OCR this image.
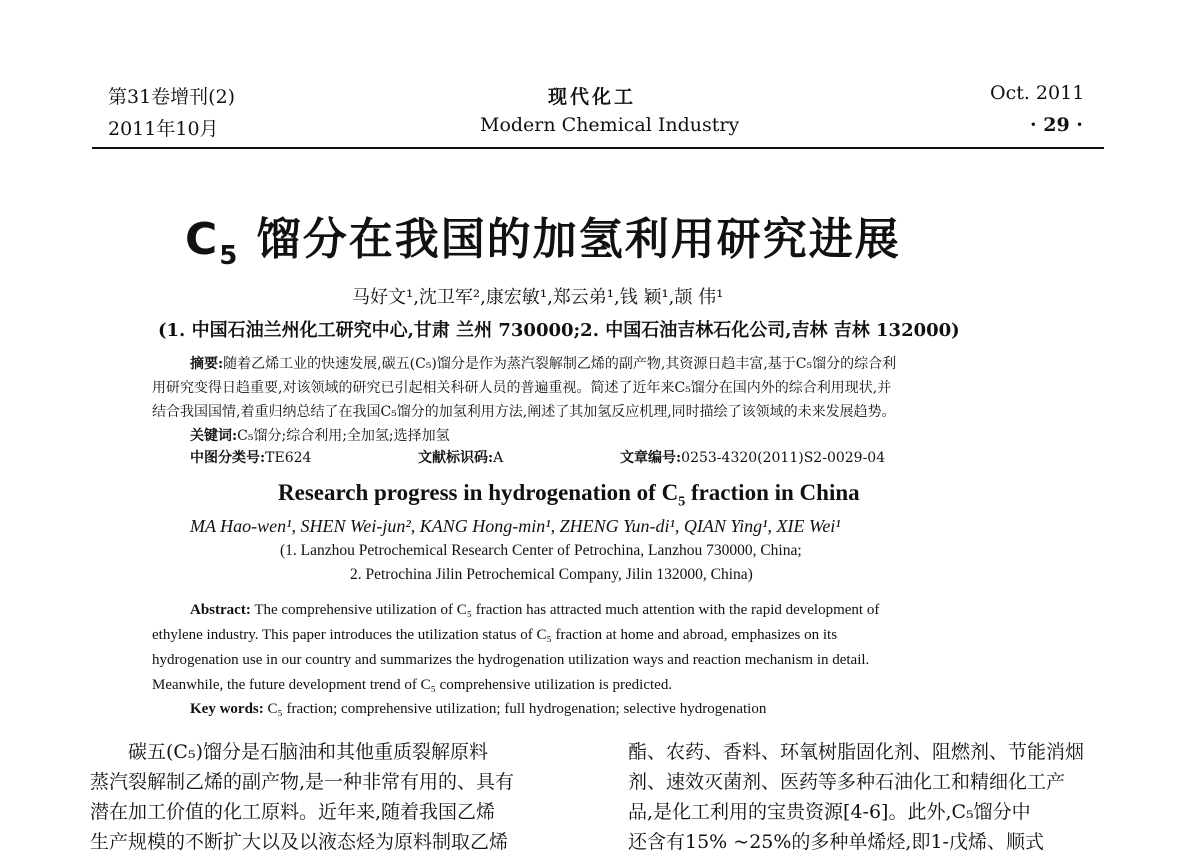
第31卷增刊(2)
2011年10月
现代化工
Modern Chemical Industry
Oct. 2011
· 29 ·
$C_5$ 馏分在我国的加氢利用研究进展
马好文¹,沈卫军²,康宏敏¹,郑云弟¹,钱 颖¹,颉 伟¹
(1. 中国石油兰州化工研究中心,甘肃 兰州 730000;2. 中国石油吉林石化公司,吉林 吉林 132000)
摘要:随着乙烯工业的快速发展,碳五(C₅)馏分是作为蒸汽裂解制乙烯的副产物,其资源日趋丰富,基于C₅馏分的综合利
用研究变得日趋重要,对该领域的研究已引起相关科研人员的普遍重视。简述了近年来C₅馏分在国内外的综合利用现状,并
结合我国国情,着重归纳总结了在我国C₅馏分的加氢利用方法,阐述了其加氢反应机理,同时描绘了该领域的未来发展趋势。
关键词:C₅馏分;综合利用;全加氢;选择加氢
中图分类号:TE624	文献标识码:A	文章编号:0253-4320(2011)S2-0029-04
Research progress in hydrogenation of $C_5$ fraction in China
MA Hao-wen¹, SHEN Wei-jun², KANG Hong-min¹, ZHENG Yun-di¹, QIAN Ying¹, XIE Wei¹
(1. Lanzhou Petrochemical Research Center of Petrochina, Lanzhou 730000, China;
2. Petrochina Jilin Petrochemical Company, Jilin 132000, China)
Abstract: The comprehensive utilization of C₅ fraction has attracted much attention with the rapid development of
ethylene industry. This paper introduces the utilization status of C₅ fraction at home and abroad, emphasizes on its
hydrogenation use in our country and summarizes the hydrogenation utilization ways and reaction mechanism in detail.
Meanwhile, the future development trend of C₅ comprehensive utilization is predicted.
Key words: C₅ fraction; comprehensive utilization; full hydrogenation; selective hydrogenation
碳五(C₅)馏分是石脑油和其他重质裂解原料
蒸汽裂解制乙烯的副产物,是一种非常有用的、具有
潜在加工价值的化工原料。近年来,随着我国乙烯
生产规模的不断扩大以及以液态烃为原料制取乙烯
酯、农药、香料、环氧树脂固化剂、阻燃剂、节能消烟
剂、速效灭菌剂、医药等多种石油化工和精细化工产
品,是化工利用的宝贵资源[4-6]。此外,C₅馏分中
还含有15% ~25%的多种单烯烃,即1-戊烯、顺式
